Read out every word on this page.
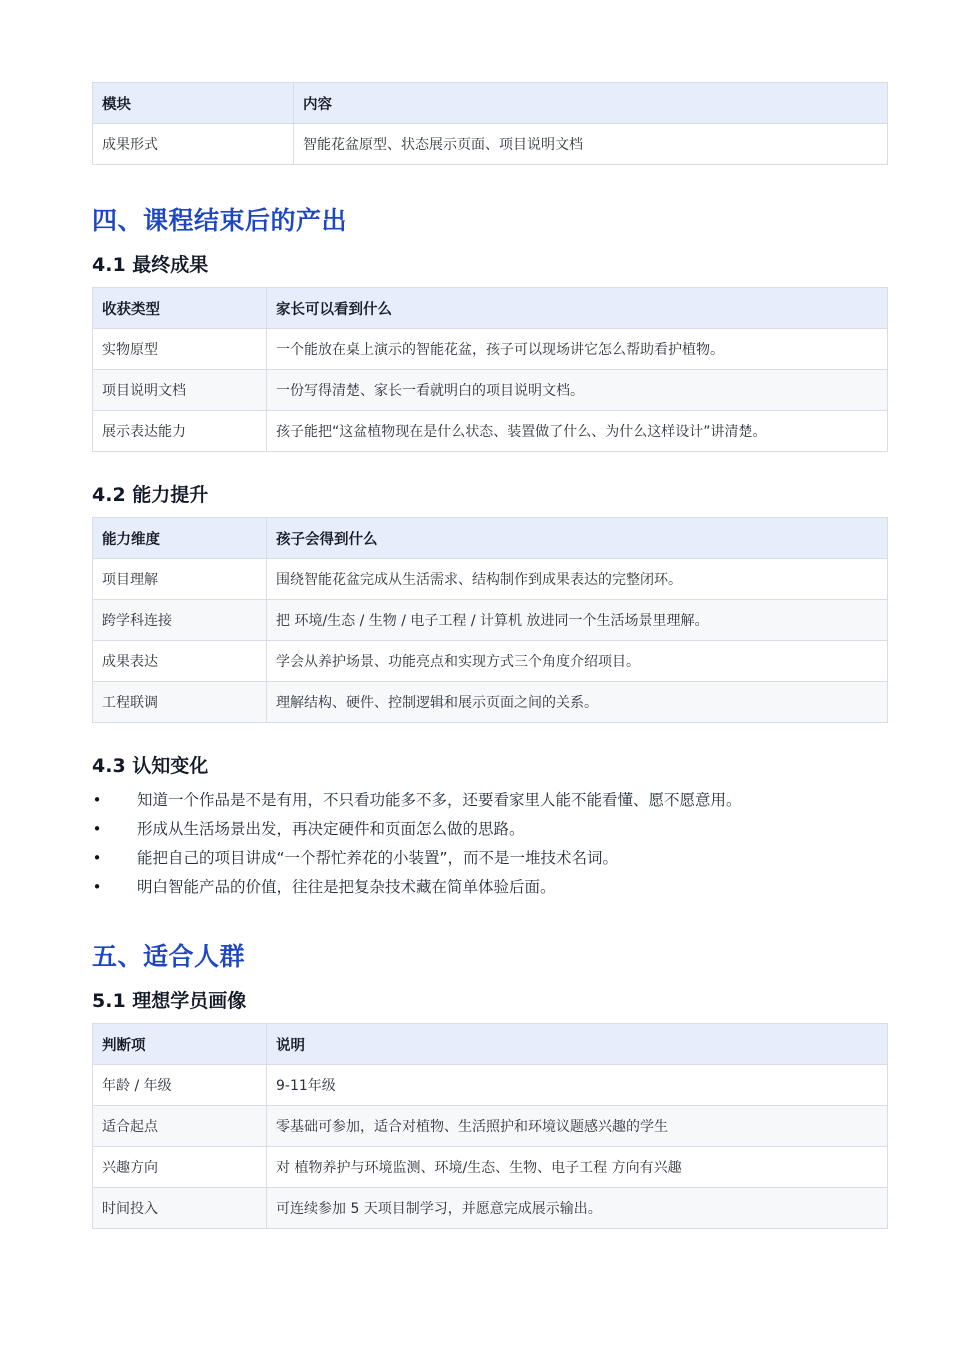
模块	内容
成果形式	智能花盆原型、状态展示页面、项目说明文档
四、课程结束后的产出
4.1 最终成果
收获类型	家长可以看到什么
实物原型	一个能放在桌上演示的智能花盆，孩子可以现场讲它怎么帮助看护植物。
项目说明文档	一份写得清楚、家长一看就明白的项目说明文档。
展示表达能力	孩子能把“这盆植物现在是什么状态、装置做了什么、为什么这样设计”讲清楚。
4.2 能力提升
能力维度	孩子会得到什么
项目理解	围绕智能花盆完成从生活需求、结构制作到成果表达的完整闭环。
跨学科连接	把 环境/生态 / 生物 / 电子工程 / 计算机 放进同一个生活场景里理解。
成果表达	学会从养护场景、功能亮点和实现方式三个角度介绍项目。
工程联调	理解结构、硬件、控制逻辑和展示页面之间的关系。
4.3 认知变化
• 知道一个作品是不是有用，不只看功能多不多，还要看家里人能不能看懂、愿不愿意用。
• 形成从生活场景出发，再决定硬件和页面怎么做的思路。
• 能把自己的项目讲成“一个帮忙养花的小装置”，而不是一堆技术名词。
• 明白智能产品的价值，往往是把复杂技术藏在简单体验后面。
五、适合人群
5.1 理想学员画像
判断项	说明
年龄 / 年级	9-11年级
适合起点	零基础可参加，适合对植物、生活照护和环境议题感兴趣的学生
兴趣方向	对 植物养护与环境监测、环境/生态、生物、电子工程 方向有兴趣
时间投入	可连续参加 5 天项目制学习，并愿意完成展示输出。
